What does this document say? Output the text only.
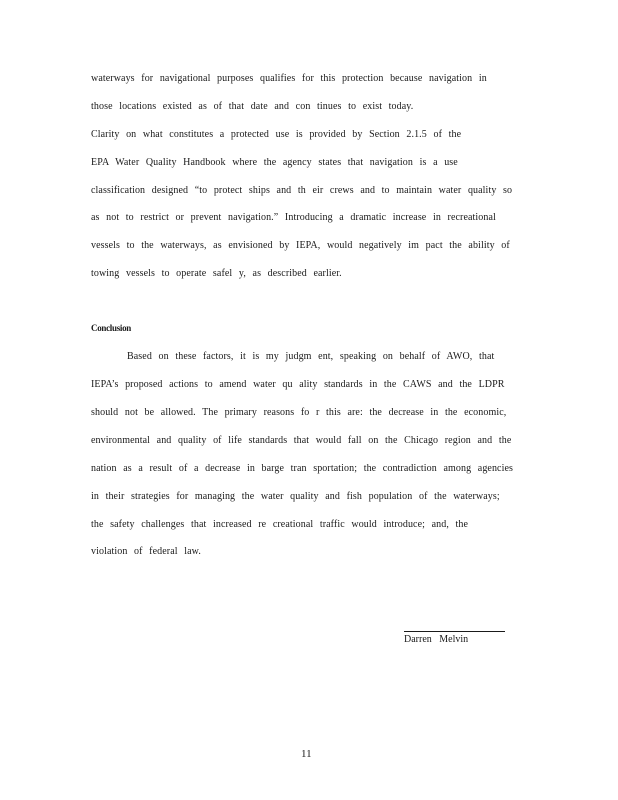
waterways for navigational purposes qualifies for this protection because navigation in
those locations existed as of that date and con tinues to exist today.
Clarity on what constitutes a protected use is provided by Section 2.1.5 of the
EPA Water Quality Handbook where the agency states that navigation is a use
classification designed “to protect ships and th eir crews and to maintain water quality so
as not to restrict or prevent navigation.” Introducing a dramatic increase in recreational
vessels to the waterways, as envisioned by IEPA, would negatively im pact the ability of
towing vessels to operate safel y, as described earlier.
Conclusion
Based on these factors, it is my judgm ent, speaking on behalf of AWO, that
IEPA’s proposed actions to amend water qu ality standards in the CAWS and the LDPR
should not be allowed. The primary reasons fo r this are: the decrease in the economic,
environmental and quality of life standards that would fall on the Chicago region and the
nation as a result of a decrease in barge tran sportation; the contradiction among agencies
in their strategies for managing the water quality and fish population of the waterways;
the safety challenges that increased re creational traffic would introduce; and, the
violation of federal law.
Darren Melvin
11
